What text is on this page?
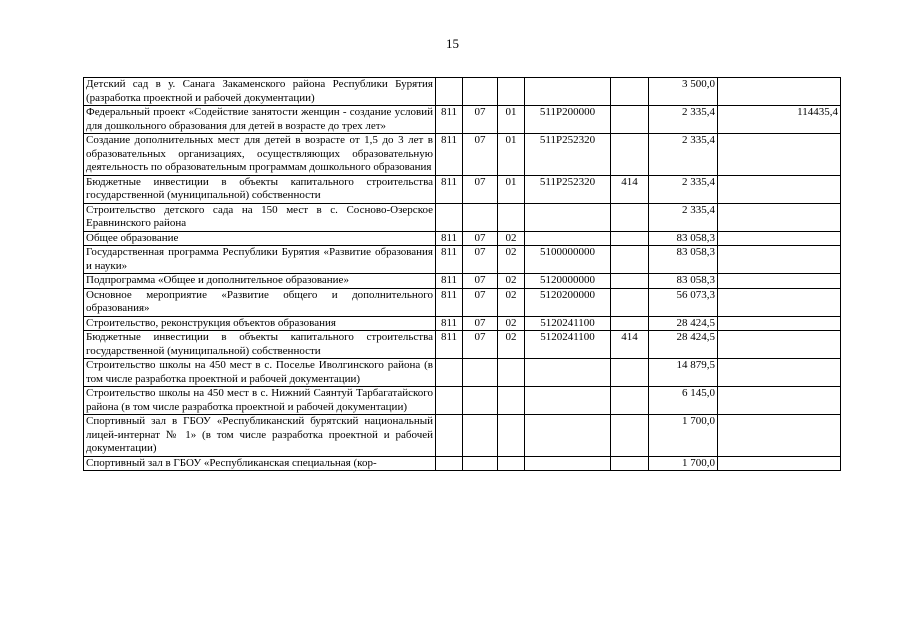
15
Детский сад в у. Санага Закаменского района Республики Бурятия (разработка проектной и рабочей документации)						3 500,0	
Федеральный проект «Содействие занятости женщин - создание условий для дошкольного образования для детей в возрасте до трех лет»	811	07	01	511Р200000		2 335,4	114435,4
Создание дополнительных мест для детей в возрасте от 1,5 до 3 лет в образовательных организациях, осуществляющих образовательную деятельность по образовательным программам дошкольного образования	811	07	01	511Р252320		2 335,4	
Бюджетные инвестиции в объекты капитального строительства государственной (муниципальной) собственности	811	07	01	511Р252320	414	2 335,4	
Строительство детского сада на 150 мест в с. Сосново-Озерское Еравнинского района						2 335,4	
Общее образование	811	07	02			83 058,3	
Государственная программа Республики Бурятия «Развитие образования и науки»	811	07	02	5100000000		83 058,3	
Подпрограмма «Общее и дополнительное образование»	811	07	02	5120000000		83 058,3	
Основное мероприятие «Развитие общего и дополнительного образования»	811	07	02	5120200000		56 073,3	
Строительство, реконструкция объектов образования	811	07	02	5120241100		28 424,5	
Бюджетные инвестиции в объекты капитального строительства государственной (муниципальной) собственности	811	07	02	5120241100	414	28 424,5	
Строительство школы на 450 мест в с. Поселье Иволгинского района (в том числе разработка проектной и рабочей документации)						14 879,5	
Строительство школы на 450 мест в с. Нижний Саянтуй Тарбагатайского района (в том числе разработка проектной и рабочей документации)						6 145,0	
Спортивный зал в ГБОУ «Республиканский бурятский национальный лицей-интернат № 1» (в том числе разработка проектной и рабочей документации)						1 700,0	
Спортивный зал в ГБОУ «Республиканская специальная (кор-						1 700,0	
